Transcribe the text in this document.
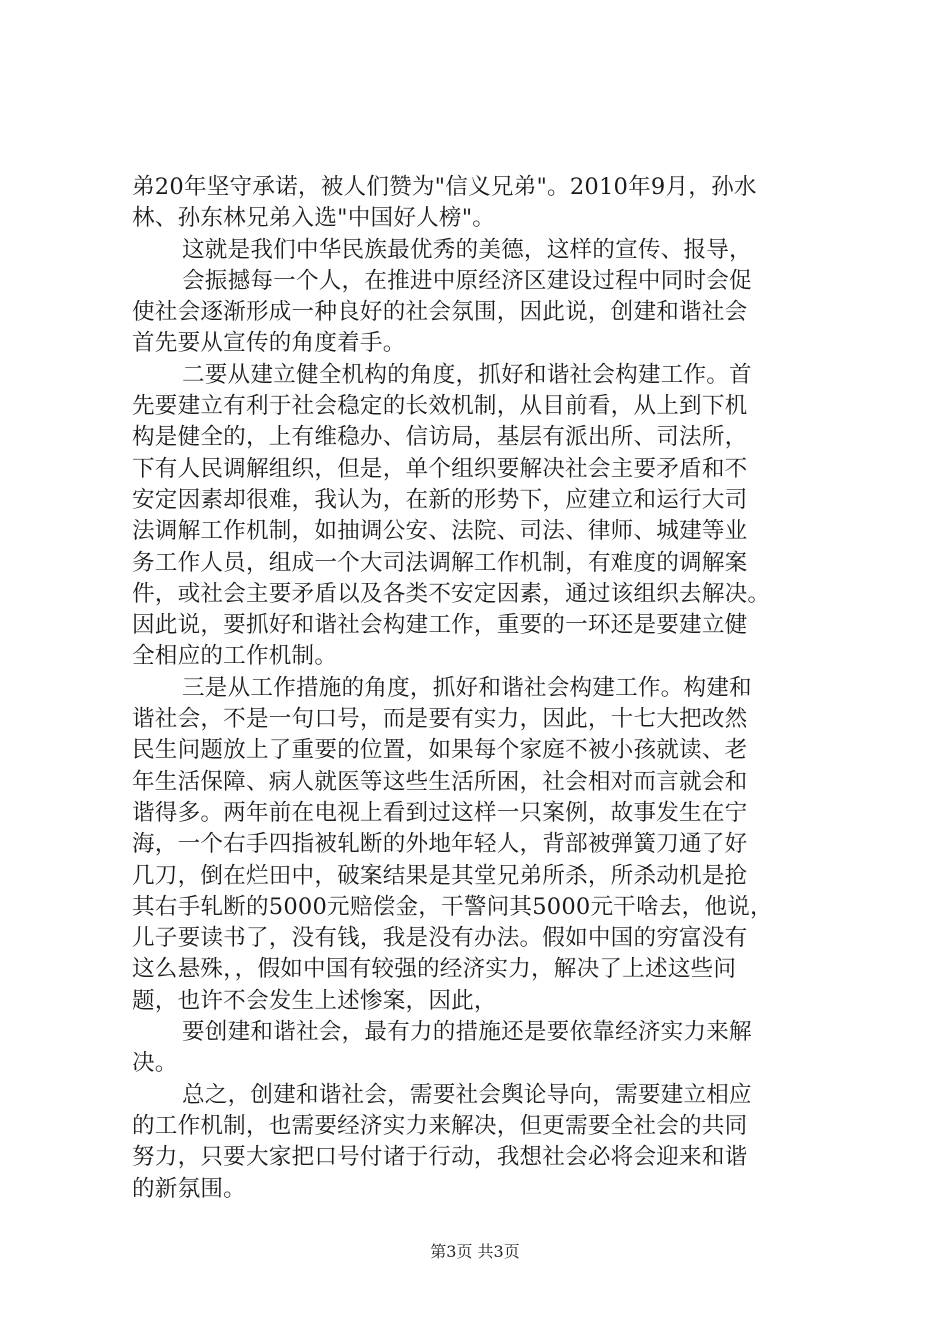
弟20年坚守承诺，被人们赞为"信义兄弟"。2010年9月，孙水
林、孙东林兄弟入选"中国好人榜"。
这就是我们中华民族最优秀的美德，这样的宣传、报导，
会振撼每一个人，在推进中原经济区建设过程中同时会促
使社会逐渐形成一种良好的社会氛围，因此说，创建和谐社会
首先要从宣传的角度着手。
二要从建立健全机构的角度，抓好和谐社会构建工作。首
先要建立有利于社会稳定的长效机制，从目前看，从上到下机
构是健全的，上有维稳办、信访局，基层有派出所、司法所，
下有人民调解组织，但是，单个组织要解决社会主要矛盾和不
安定因素却很难，我认为，在新的形势下，应建立和运行大司
法调解工作机制，如抽调公安、法院、司法、律师、城建等业
务工作人员，组成一个大司法调解工作机制，有难度的调解案
件，或社会主要矛盾以及各类不安定因素，通过该组织去解决。
因此说，要抓好和谐社会构建工作，重要的一环还是要建立健
全相应的工作机制。
三是从工作措施的角度，抓好和谐社会构建工作。构建和
谐社会，不是一句口号，而是要有实力，因此，十七大把改然
民生问题放上了重要的位置，如果每个家庭不被小孩就读、老
年生活保障、病人就医等这些生活所困，社会相对而言就会和
谐得多。两年前在电视上看到过这样一只案例，故事发生在宁
海，一个右手四指被轧断的外地年轻人，背部被弹簧刀通了好
几刀，倒在烂田中，破案结果是其堂兄弟所杀，所杀动机是抢
其右手轧断的5000元赔偿金，干警问其5000元干啥去，他说，
儿子要读书了，没有钱，我是没有办法。假如中国的穷富没有
这么悬殊，，假如中国有较强的经济实力，解决了上述这些问
题，也许不会发生上述惨案，因此，
要创建和谐社会，最有力的措施还是要依靠经济实力来解
决。
总之，创建和谐社会，需要社会舆论导向，需要建立相应
的工作机制，也需要经济实力来解决，但更需要全社会的共同
努力，只要大家把口号付诸于行动，我想社会必将会迎来和谐
的新氛围。
第3页 共3页
